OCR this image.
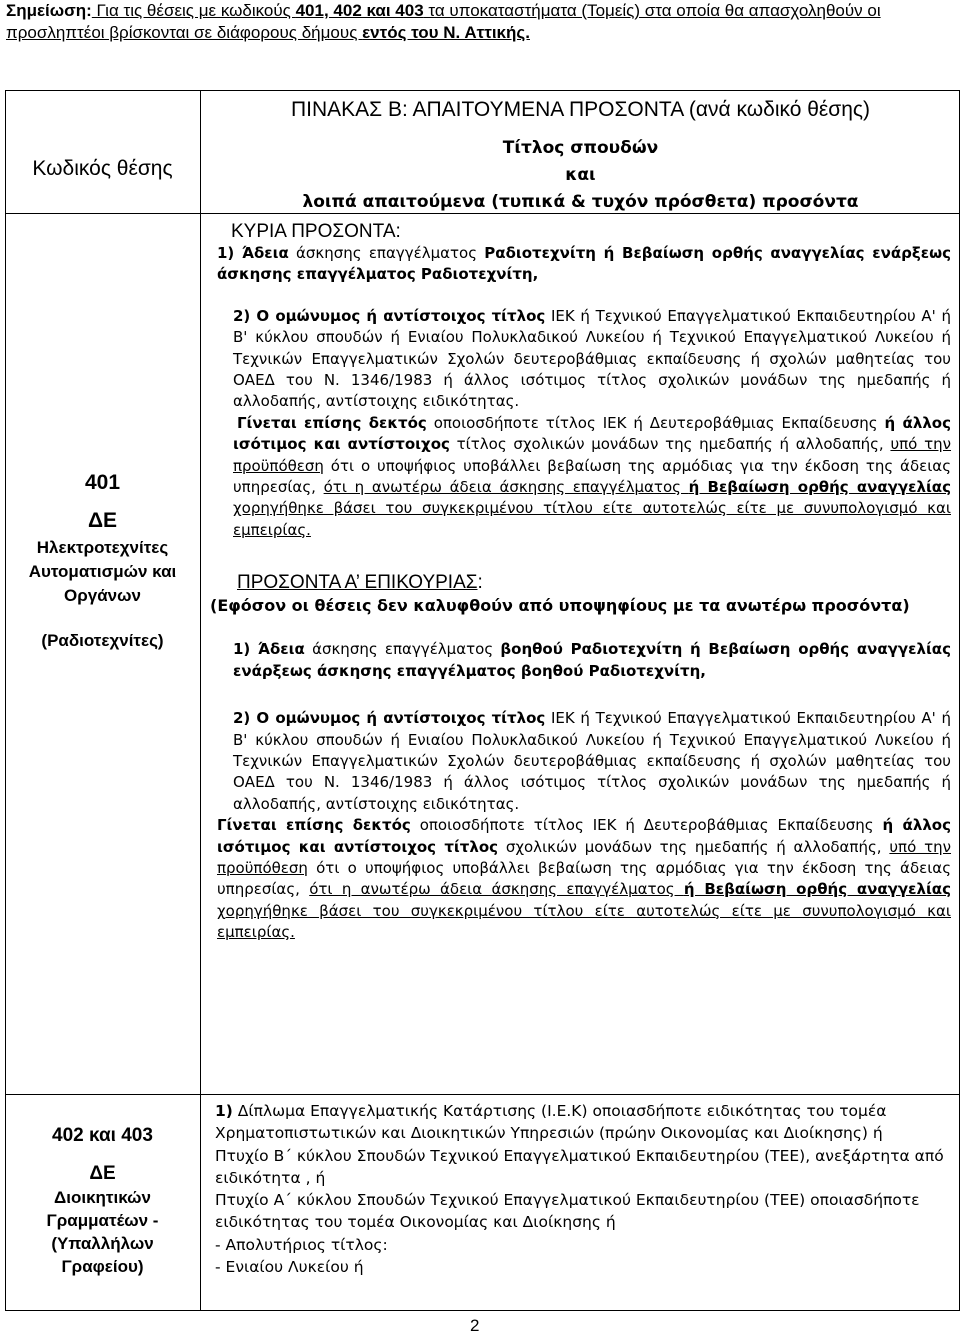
Σημείωση: Για τις θέσεις με κωδικούς 401, 402 και 403 τα υποκαταστήματα (Τομείς) στα οποία θα απασχοληθούν οι προσληπτέοι βρίσκονται σε διάφορους δήμους εντός του Ν. Αττικής.
Κωδικός θέσης
ΠΙΝΑΚΑΣ Β: ΑΠΑΙΤΟΥΜΕΝΑ ΠΡΟΣΟΝΤΑ (ανά κωδικό θέσης)
Τίτλος σπουδών
και
λοιπά απαιτούμενα (τυπικά & τυχόν πρόσθετα) προσόντα
401
ΔΕ
Ηλεκτροτεχνίτες
Αυτοματισμών και
Οργάνων
(Ραδιοτεχνίτες)
ΚΥΡΙΑ ΠΡΟΣΟΝΤΑ:

1) Άδεια άσκησης επαγγέλματος Ραδιοτεχνίτη ή Βεβαίωση ορθής αναγγελίας ενάρξεως άσκησης επαγγέλματος Ραδιοτεχνίτη,

2) Ο ομώνυμος ή αντίστοιχος τίτλος ΙΕΚ ή Τεχνικού Επαγγελματικού Εκπαιδευτηρίου Α' ή Β' κύκλου σπουδών ή Ενιαίου Πολυκλαδικού Λυκείου ή Τεχνικού Επαγγελματικού Λυκείου ή Τεχνικών Επαγγελματικών Σχολών δευτεροβάθμιας εκπαίδευσης ή σχολών μαθητείας του ΟΑΕΔ του Ν. 1346/1983 ή άλλος ισότιμος τίτλος σχολικών μονάδων της ημεδαπής ή αλλοδαπής, αντίστοιχης ειδικότητας.

Γίνεται επίσης δεκτός οποιοσδήποτε τίτλος ΙΕΚ ή Δευτεροβάθμιας Εκπαίδευσης ή άλλος ισότιμος και αντίστοιχος τίτλος σχολικών μονάδων της ημεδαπής ή αλλοδαπής, υπό την προϋπόθεση ότι ο υποψήφιος υποβάλλει βεβαίωση της αρμόδιας για την έκδοση της άδειας υπηρεσίας, ότι η ανωτέρω άδεια άσκησης επαγγέλματος ή Βεβαίωση ορθής αναγγελίας χορηγήθηκε βάσει του συγκεκριμένου τίτλου είτε αυτοτελώς είτε με συνυπολογισμό και εμπειρίας.

ΠΡΟΣΟΝΤΑ Α’ ΕΠΙΚΟΥΡΙΑΣ:

(Εφόσον οι θέσεις δεν καλυφθούν από υποψηφίους με τα ανωτέρω προσόντα)

1) Άδεια άσκησης επαγγέλματος βοηθού Ραδιοτεχνίτη ή Βεβαίωση ορθής αναγγελίας ενάρξεως άσκησης επαγγέλματος βοηθού Ραδιοτεχνίτη,

2) Ο ομώνυμος ή αντίστοιχος τίτλος ΙΕΚ ή Τεχνικού Επαγγελματικού Εκπαιδευτηρίου Α' ή Β' κύκλου σπουδών ή Ενιαίου Πολυκλαδικού Λυκείου ή Τεχνικού Επαγγελματικού Λυκείου ή Τεχνικών Επαγγελματικών Σχολών δευτεροβάθμιας εκπαίδευσης ή σχολών μαθητείας του ΟΑΕΔ του Ν. 1346/1983 ή άλλος ισότιμος τίτλος σχολικών μονάδων της ημεδαπής ή αλλοδαπής, αντίστοιχης ειδικότητας.

Γίνεται επίσης δεκτός οποιοσδήποτε τίτλος ΙΕΚ ή Δευτεροβάθμιας Εκπαίδευσης ή άλλος ισότιμος και αντίστοιχος τίτλος σχολικών μονάδων της ημεδαπής ή αλλοδαπής, υπό την προϋπόθεση ότι ο υποψήφιος υποβάλλει βεβαίωση της αρμόδιας για την έκδοση της άδειας υπηρεσίας, ότι η ανωτέρω άδεια άσκησης επαγγέλματος ή Βεβαίωση ορθής αναγγελίας χορηγήθηκε βάσει του συγκεκριμένου τίτλου είτε αυτοτελώς είτε με συνυπολογισμό και εμπειρίας.

402 και 403
ΔΕ
Διοικητικών
Γραμματέων -
(Υπαλλήλων
Γραφείου)

1) Δίπλωμα Επαγγελματικής Κατάρτισης (Ι.Ε.Κ) οποιασδήποτε ειδικότητας του τομέα Χρηματοπιστωτικών και Διοικητικών Υπηρεσιών (πρώην Οικονομίας και Διοίκησης) ή

Πτυχίο Β΄ κύκλου Σπουδών Τεχνικού Επαγγελματικού Εκπαιδευτηρίου (ΤΕΕ), ανεξάρτητα από ειδικότητα , ή

Πτυχίο Α΄ κύκλου Σπουδών Τεχνικού Επαγγελματικού Εκπαιδευτηρίου (ΤΕΕ) οποιασδήποτε ειδικότητας του τομέα Οικονομίας και Διοίκησης ή

- Απολυτήριος τίτλος:

- Ενιαίου Λυκείου ή

2
